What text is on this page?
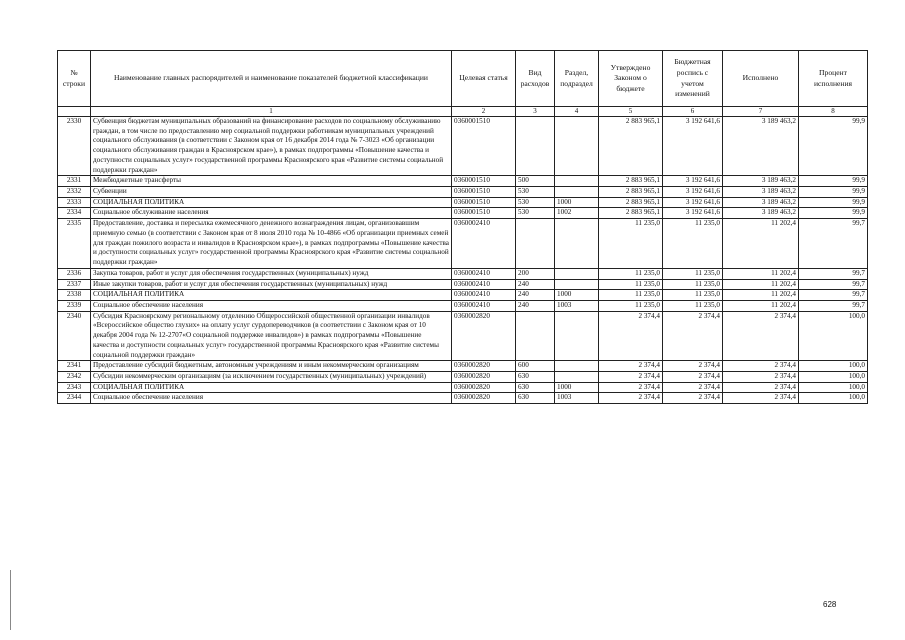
№ строки	Наименование главных распорядителей и наименование показателей бюджетной классификации	Целевая статья	Вид расходов	Раздел, подраздел	Утверждено Законом о бюджете	Бюджетная роспись с учетом изменений	Исполнено	Процент исполнения
	1	2	3	4	5	6	7	8
2330	Субвенция бюджетам муниципальных образований на финансирование расходов по социальному обслуживанию граждан, в том числе по предоставлению мер социальной поддержки работникам муниципальных учреждений социального обслуживания (в соответствии с Законом края от 16 декабря 2014 года № 7-3023 «Об организации социального обслуживания граждан в Красноярском крае»), в рамках подпрограммы «Повышение качества и доступности социальных услуг» государственной программы Красноярского края «Развитие системы социальной поддержки граждан»	0360001510			2 883 965,1	3 192 641,6	3 189 463,2	99,9
2331	Межбюджетные трансферты	0360001510	500		2 883 965,1	3 192 641,6	3 189 463,2	99,9
2332	Субвенции	0360001510	530		2 883 965,1	3 192 641,6	3 189 463,2	99,9
2333	СОЦИАЛЬНАЯ ПОЛИТИКА	0360001510	530	1000	2 883 965,1	3 192 641,6	3 189 463,2	99,9
2334	Социальное обслуживание населения	0360001510	530	1002	2 883 965,1	3 192 641,6	3 189 463,2	99,9
2335	Предоставление, доставка и пересылка ежемесячного денежного вознаграждения лицам, организовавшим приемную семью (в соответствии с Законом края от 8 июля 2010 года № 10-4866 «Об организации приемных семей для граждан пожилого возраста и инвалидов в Красноярском крае»), в рамках подпрограммы «Повышение качества и доступности социальных услуг» государственной программы Красноярского края «Развитие системы социальной поддержки граждан»	0360002410			11 235,0	11 235,0	11 202,4	99,7
2336	Закупка товаров, работ и услуг для обеспечения государственных (муниципальных) нужд	0360002410	200		11 235,0	11 235,0	11 202,4	99,7
2337	Иные закупки товаров, работ и услуг для обеспечения государственных (муниципальных) нужд	0360002410	240		11 235,0	11 235,0	11 202,4	99,7
2338	СОЦИАЛЬНАЯ ПОЛИТИКА	0360002410	240	1000	11 235,0	11 235,0	11 202,4	99,7
2339	Социальное обеспечение населения	0360002410	240	1003	11 235,0	11 235,0	11 202,4	99,7
2340	Субсидия Красноярскому региональному отделению Общероссийской общественной организации инвалидов «Всероссийское общество глухих» на оплату услуг сурдопереводчиков (в соответствии с Законом края от 10 декабря 2004 года № 12-2707«О социальной поддержке инвалидов») в рамках подпрограммы «Повышение качества и доступности социальных услуг» государственной программы Красноярского края «Развитие системы социальной поддержки граждан»	0360002820			2 374,4	2 374,4	2 374,4	100,0
2341	Предоставление субсидий бюджетным, автономным учреждениям и иным некоммерческим организациям	0360002820	600		2 374,4	2 374,4	2 374,4	100,0
2342	Субсидии некоммерческим организациям (за исключением государственных (муниципальных) учреждений)	0360002820	630		2 374,4	2 374,4	2 374,4	100,0
2343	СОЦИАЛЬНАЯ ПОЛИТИКА	0360002820	630	1000	2 374,4	2 374,4	2 374,4	100,0
2344	Социальное обеспечение населения	0360002820	630	1003	2 374,4	2 374,4	2 374,4	100,0
628
